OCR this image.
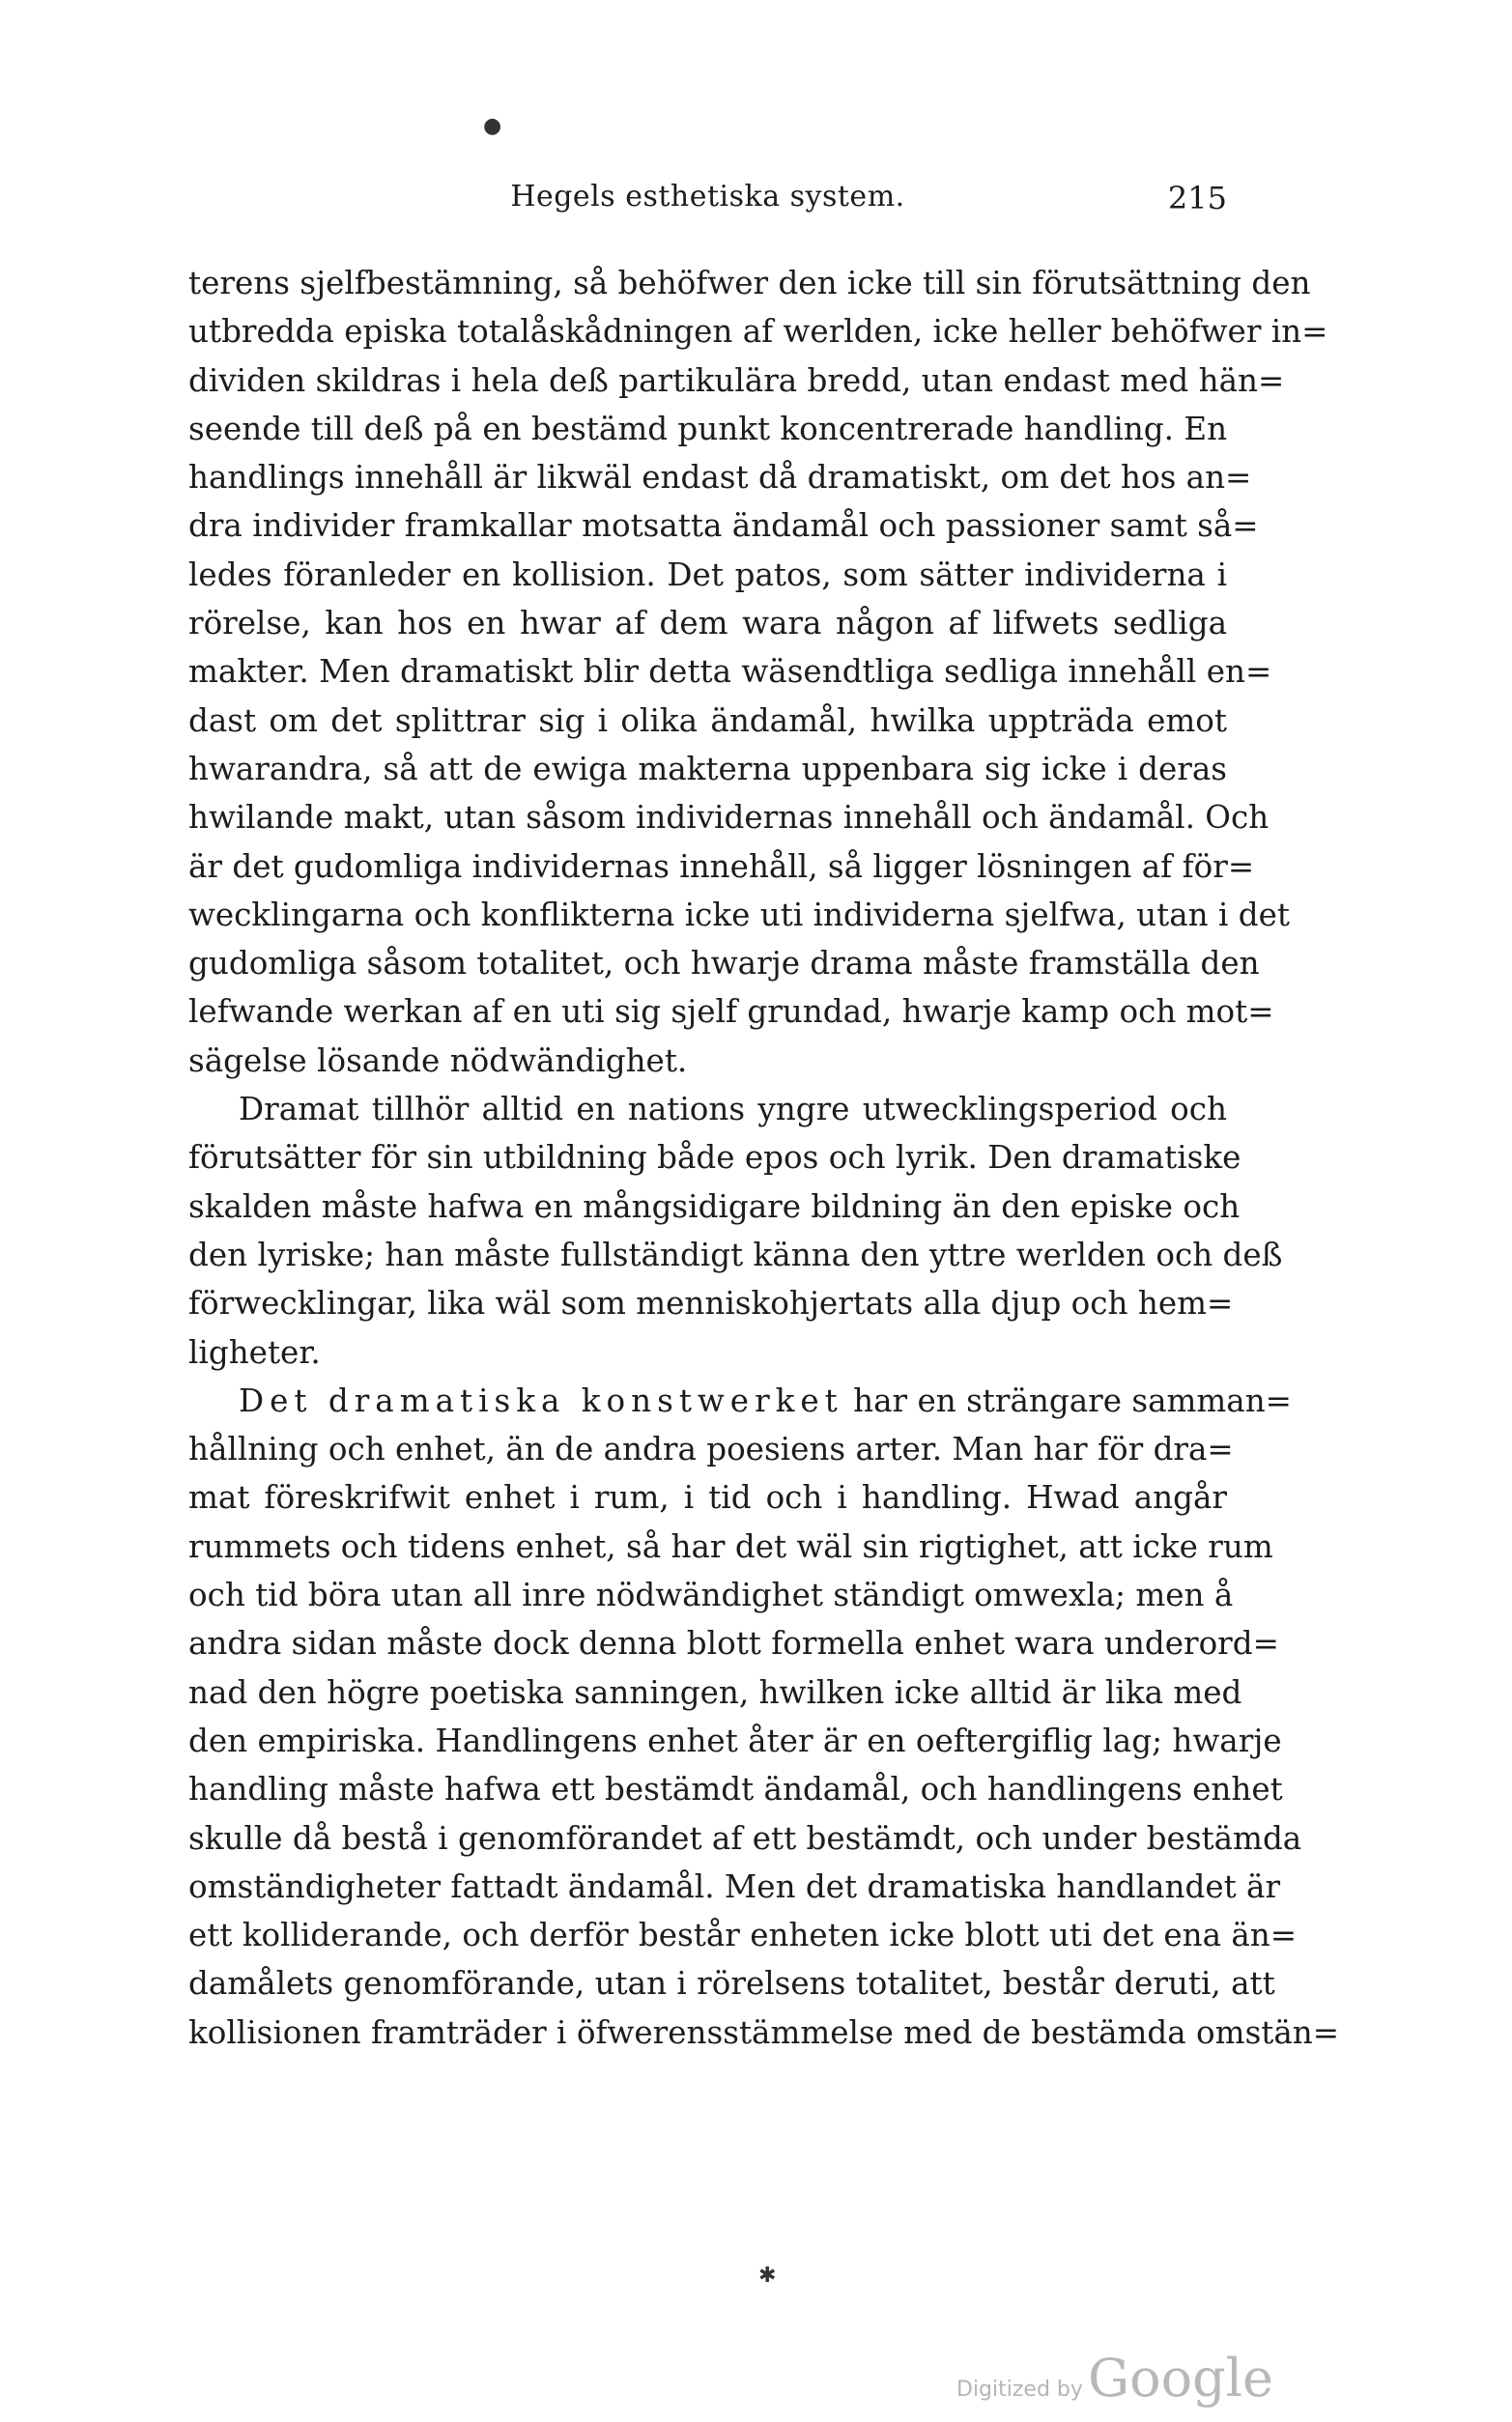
●
Hegels esthetiska system.	215

terens sjelfbestämning, så behöfwer den icke till sin förutsättning den
utbredda episka totalåskådningen af werlden, icke heller behöfwer in=
dividen skildras i hela deß partikulära bredd, utan endast med hän=
seende till deß på en bestämd punkt koncentrerade handling. En
handlings innehåll är likwäl endast då dramatiskt, om det hos an=
dra individer framkallar motsatta ändamål och passioner samt så=
ledes föranleder en kollision. Det patos, som sätter individerna i
rörelse, kan hos en hwar af dem wara någon af lifwets sedliga
makter. Men dramatiskt blir detta wäsendtliga sedliga innehåll en=
dast om det splittrar sig i olika ändamål, hwilka uppträda emot
hwarandra, så att de ewiga makterna uppenbara sig icke i deras
hwilande makt, utan såsom individernas innehåll och ändamål. Och
är det gudomliga individernas innehåll, så ligger lösningen af för=
wecklingarna och konflikterna icke uti individerna sjelfwa, utan i det
gudomliga såsom totalitet, och hwarje drama måste framställa den
lefwande werkan af en uti sig sjelf grundad, hwarje kamp och mot=
sägelse lösande nödwändighet.

Dramat tillhör alltid en nations yngre utwecklingsperiod och
förutsätter för sin utbildning både epos och lyrik. Den dramatiske
skalden måste hafwa en mångsidigare bildning än den episke och
den lyriske; han måste fullständigt känna den yttre werlden och deß
förwecklingar, lika wäl som menniskohjertats alla djup och hem=
ligheter.

Det dramatiska konstwerket har en strängare samman=
hållning och enhet, än de andra poesiens arter. Man har för dra=
mat föreskrifwit enhet i rum, i tid och i handling. Hwad angår
rummets och tidens enhet, så har det wäl sin rigtighet, att icke rum
och tid böra utan all inre nödwändighet ständigt omwexla; men å
andra sidan måste dock denna blott formella enhet wara underord=
nad den högre poetiska sanningen, hwilken icke alltid är lika med
den empiriska. Handlingens enhet åter är en oeftergiflig lag; hwarje
handling måste hafwa ett bestämdt ändamål, och handlingens enhet
skulle då bestå i genomförandet af ett bestämdt, och under bestämda
omständigheter fattadt ändamål. Men det dramatiska handlandet är
ett kolliderande, och derför består enheten icke blott uti det ena än=
damålets genomförande, utan i rörelsens totalitet, består deruti, att
kollisionen framträder i öfwerensstämmelse med de bestämda omstän=

✱
Digitized by Google
